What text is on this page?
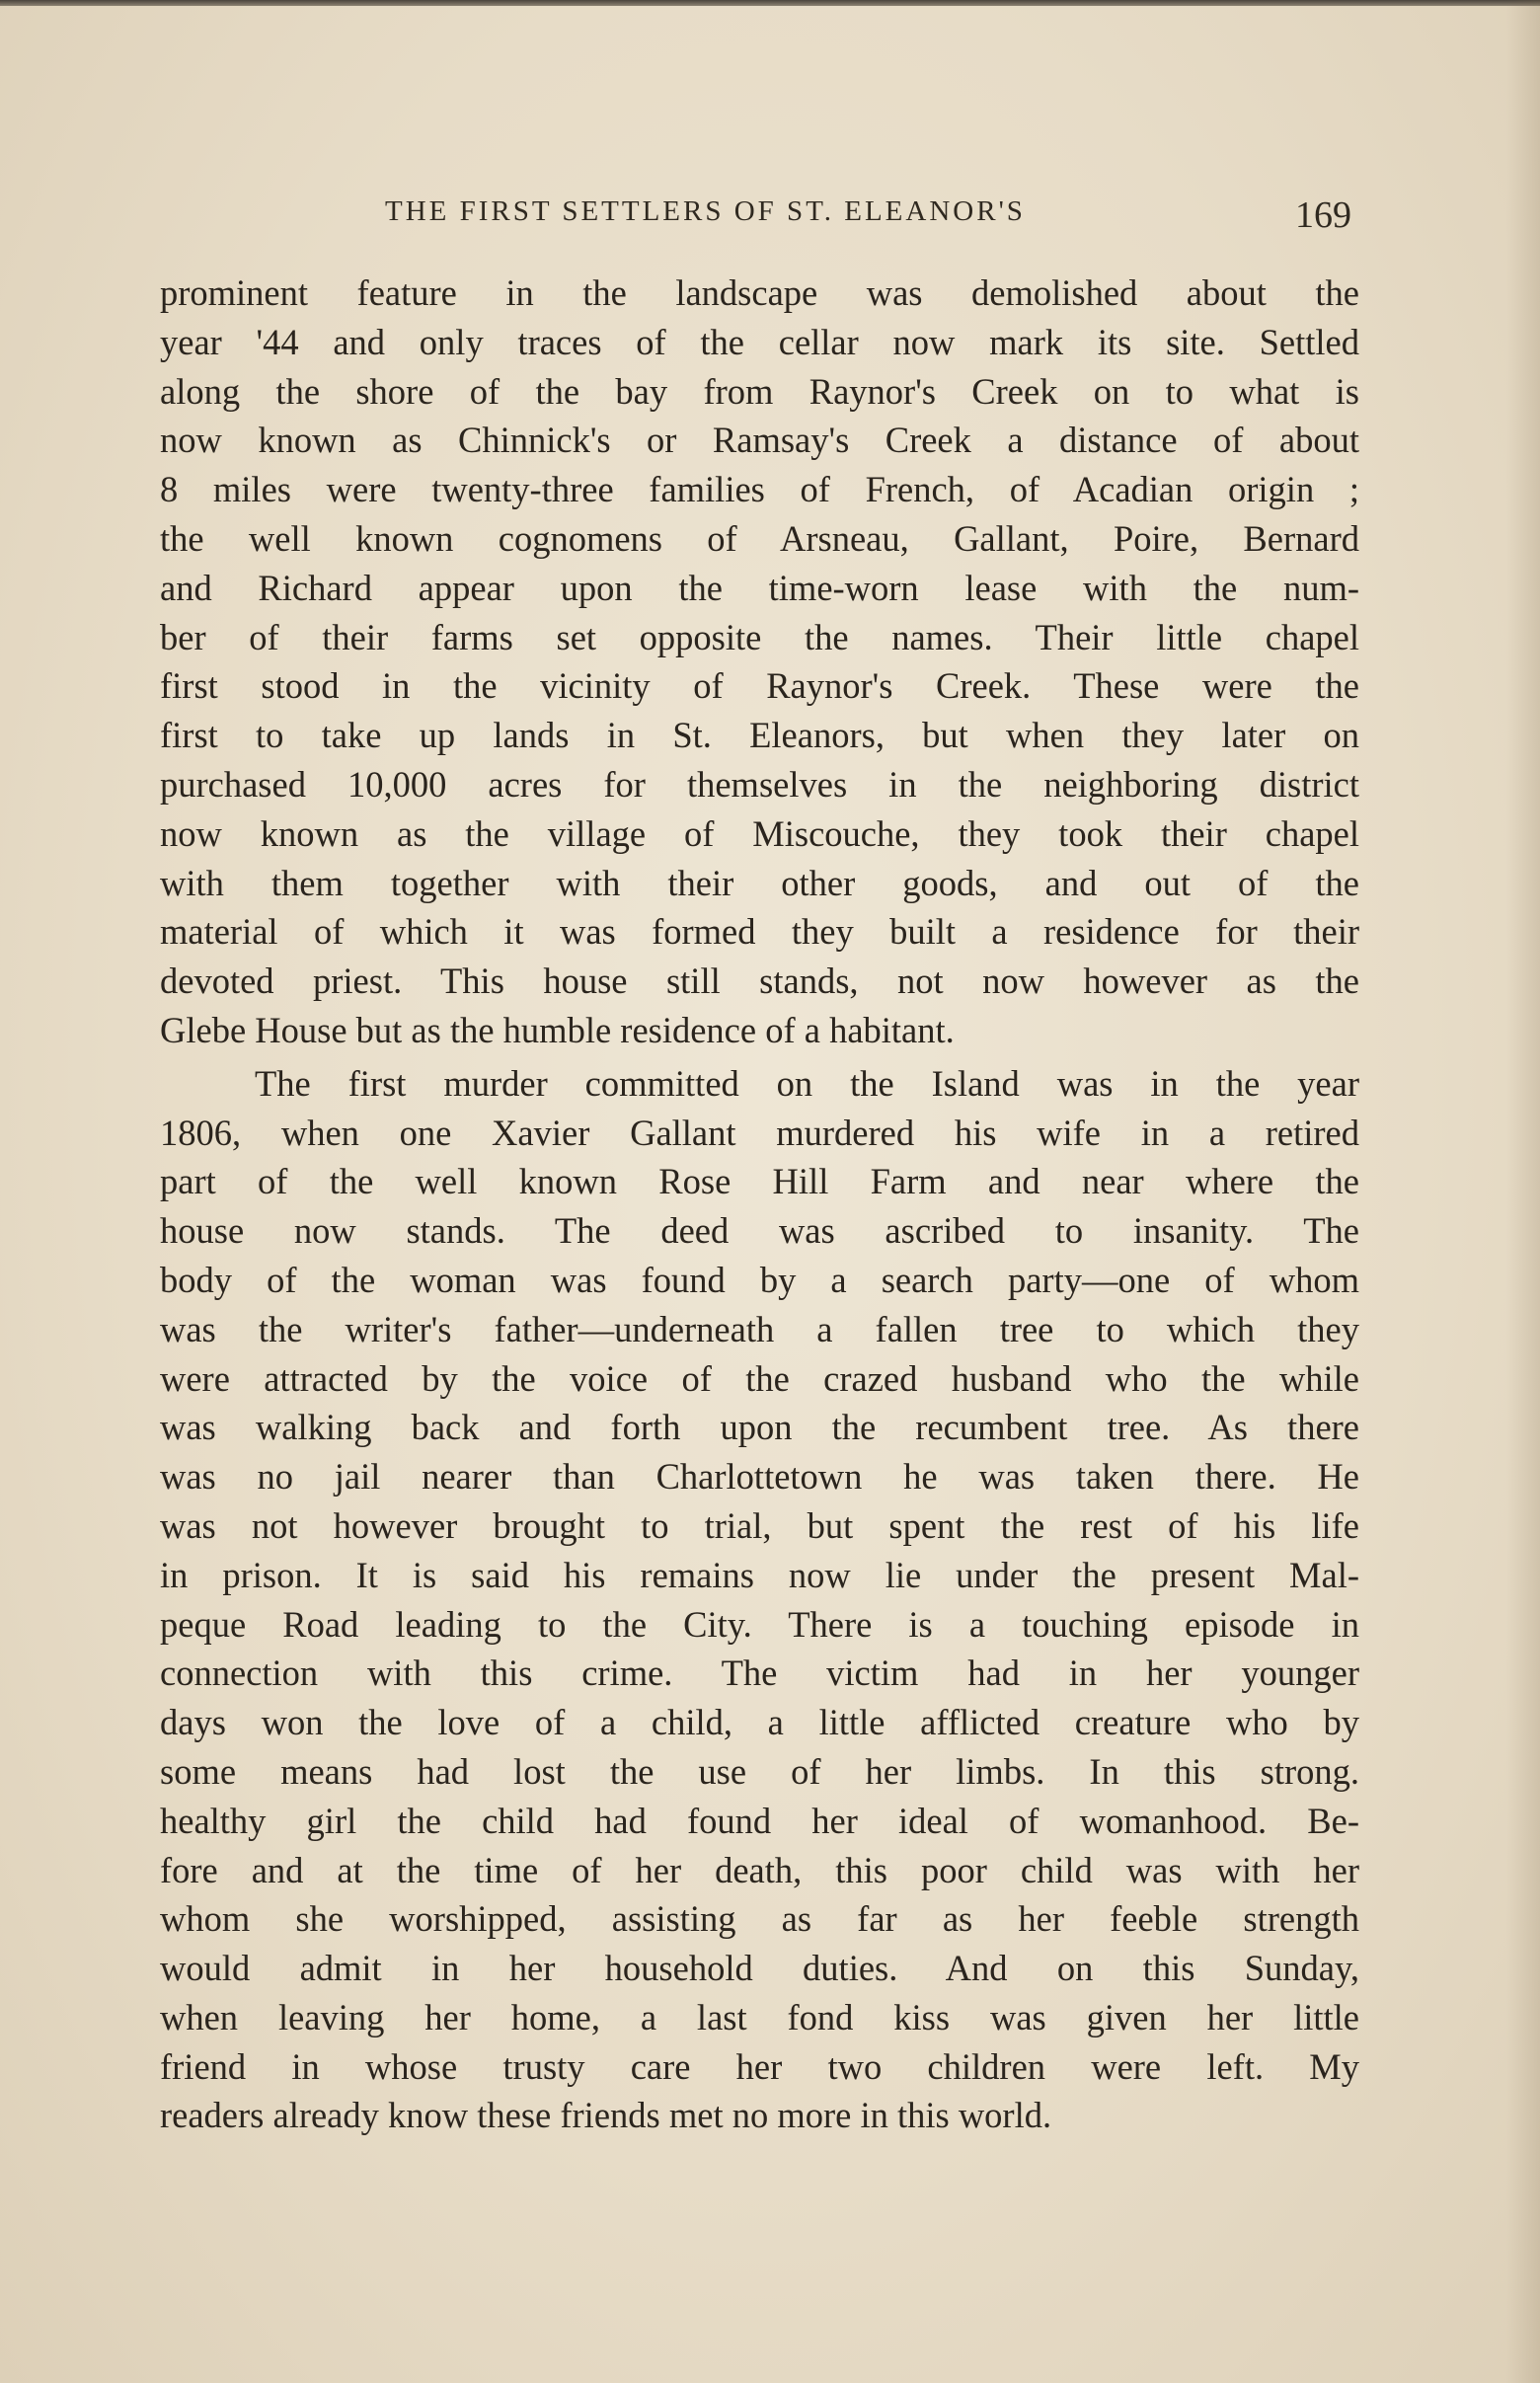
THE FIRST SETTLERS OF ST. ELEANOR'S	169
prominent feature in the landscape was demolished about the
year '44 and only traces of the cellar now mark its site. Settled
along the shore of the bay from Raynor's Creek on to what is
now known as Chinnick's or Ramsay's Creek a distance of about
8 miles were twenty-three families of French, of Acadian origin ;
the well known cognomens of Arsneau, Gallant, Poire, Bernard
and Richard appear upon the time-worn lease with the num-
ber of their farms set opposite the names. Their little chapel
first stood in the vicinity of Raynor's Creek. These were the
first to take up lands in St. Eleanors, but when they later on
purchased 10,000 acres for themselves in the neighboring district
now known as the village of Miscouche, they took their chapel
with them together with their other goods, and out of the
material of which it was formed they built a residence for their
devoted priest. This house still stands, not now however as the
Glebe House but as the humble residence of a habitant.
The first murder committed on the Island was in the year
1806, when one Xavier Gallant murdered his wife in a retired
part of the well known Rose Hill Farm and near where the
house now stands. The deed was ascribed to insanity. The
body of the woman was found by a search party—one of whom
was the writer's father—underneath a fallen tree to which they
were attracted by the voice of the crazed husband who the while
was walking back and forth upon the recumbent tree. As there
was no jail nearer than Charlottetown he was taken there. He
was not however brought to trial, but spent the rest of his life
in prison. It is said his remains now lie under the present Mal-
peque Road leading to the City. There is a touching episode in
connection with this crime. The victim had in her younger
days won the love of a child, a little afflicted creature who by
some means had lost the use of her limbs. In this strong.
healthy girl the child had found her ideal of womanhood. Be-
fore and at the time of her death, this poor child was with her
whom she worshipped, assisting as far as her feeble strength
would admit in her household duties. And on this Sunday,
when leaving her home, a last fond kiss was given her little
friend in whose trusty care her two children were left. My
readers already know these friends met no more in this world.
